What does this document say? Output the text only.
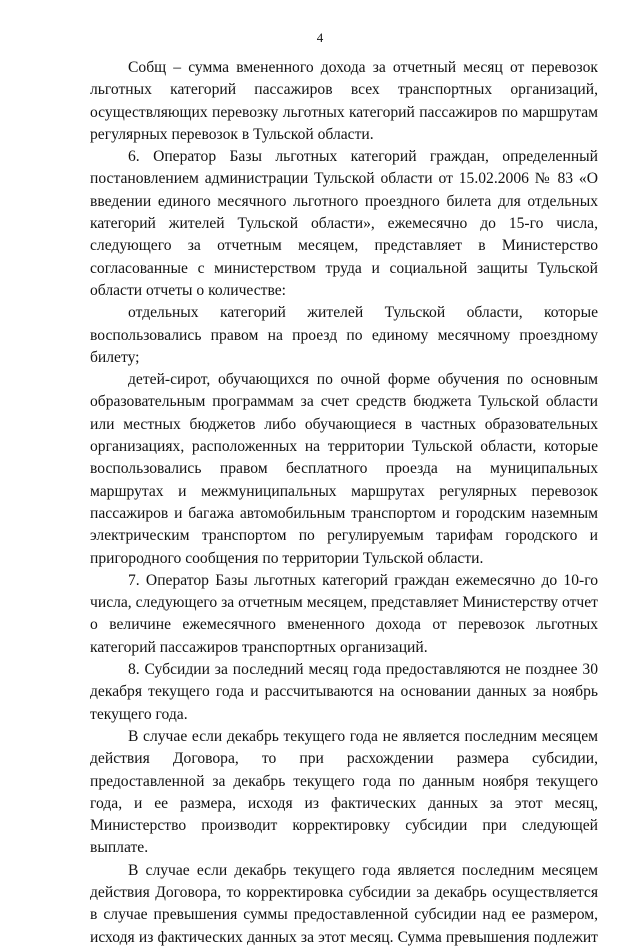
4

Собщ – сумма вмененного дохода за отчетный месяц от перевозок льготных категорий пассажиров всех транспортных организаций, осуществляющих перевозку льготных категорий пассажиров по маршрутам регулярных перевозок в Тульской области.

6. Оператор Базы льготных категорий граждан, определенный постановлением администрации Тульской области от 15.02.2006 № 83 «О введении единого месячного льготного проездного билета для отдельных категорий жителей Тульской области», ежемесячно до 15-го числа, следующего за отчетным месяцем, представляет в Министерство согласованные с министерством труда и социальной защиты Тульской области отчеты о количестве:

отдельных категорий жителей Тульской области, которые воспользовались правом на проезд по единому месячному проездному билету;

детей-сирот, обучающихся по очной форме обучения по основным образовательным программам за счет средств бюджета Тульской области или местных бюджетов либо обучающиеся в частных образовательных организациях, расположенных на территории Тульской области, которые воспользовались правом бесплатного проезда на муниципальных маршрутах и межмуниципальных маршрутах регулярных перевозок пассажиров и багажа автомобильным транспортом и городским наземным электрическим транспортом по регулируемым тарифам городского и пригородного сообщения по территории Тульской области.

7. Оператор Базы льготных категорий граждан ежемесячно до 10-го числа, следующего за отчетным месяцем, представляет Министерству отчет о величине ежемесячного вмененного дохода от перевозок льготных категорий пассажиров транспортных организаций.

8. Субсидии за последний месяц года предоставляются не позднее 30 декабря текущего года и рассчитываются на основании данных за ноябрь текущего года.

В случае если декабрь текущего года не является последним месяцем действия Договора, то при расхождении размера субсидии, предоставленной за декабрь текущего года по данным ноября текущего года, и ее размера, исходя из фактических данных за этот месяц, Министерство производит корректировку субсидии при следующей выплате.

В случае если декабрь текущего года является последним месяцем действия Договора, то корректировка субсидии за декабрь осуществляется в случае превышения суммы предоставленной субсидии над ее размером, исходя из фактических данных за этот месяц. Сумма превышения подлежит
